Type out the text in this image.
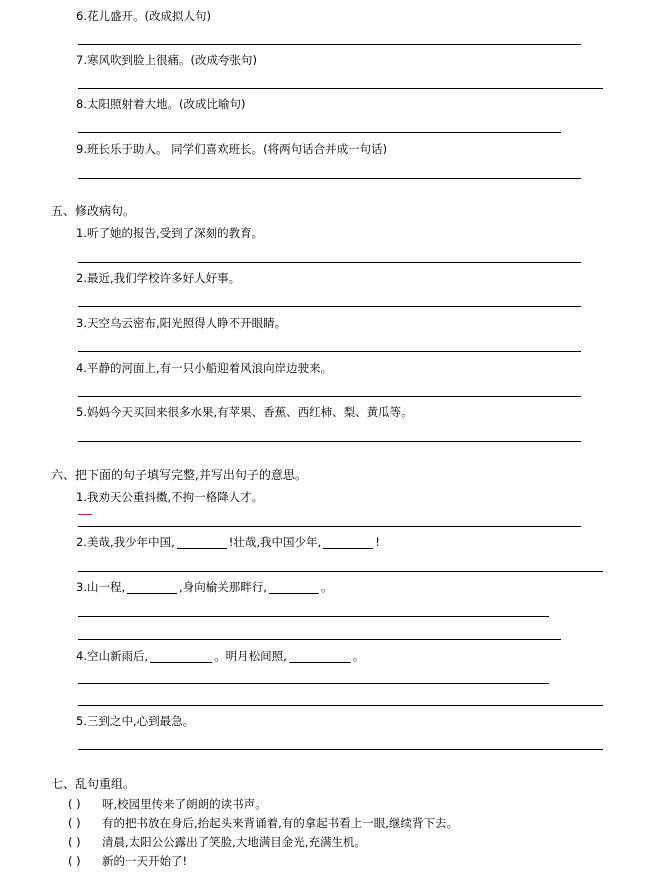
6.花儿盛开。(改成拟人句)
7.寒风吹到脸上很痛。(改成夸张句)
8.太阳照射着大地。(改成比喻句)
9.班长乐于助人。 同学们喜欢班长。(将两句话合并成一句话)
五、修改病句。
1.听了她的报告,受到了深刻的教育。
2.最近,我们学校许多好人好事。
3.天空乌云密布,阳光照得人睁不开眼睛。
4.平静的河面上,有一只小船迎着风浪向岸边驶来。
5.妈妈今天买回来很多水果,有苹果、香蕉、西红柿、梨、黄瓜等。
六、把下面的句子填写完整,并写出句子的意思。
1.我劝天公重抖擞,不拘一格降人才。
2.美哉,我少年中国,	!壮哉,我中国少年,	!
3.山一程,	,身向榆关那畔行,	。
4.空山新雨后,	。明月松间照,	。
5.三到之中,心到最急。
七、乱句重组。
( ) 呀,校园里传来了朗朗的读书声。
( ) 有的把书放在身后,抬起头来背诵着,有的拿起书看上一眼,继续背下去。
( ) 清晨,太阳公公露出了笑脸,大地满目金光,充满生机。
( ) 新的一天开始了!
